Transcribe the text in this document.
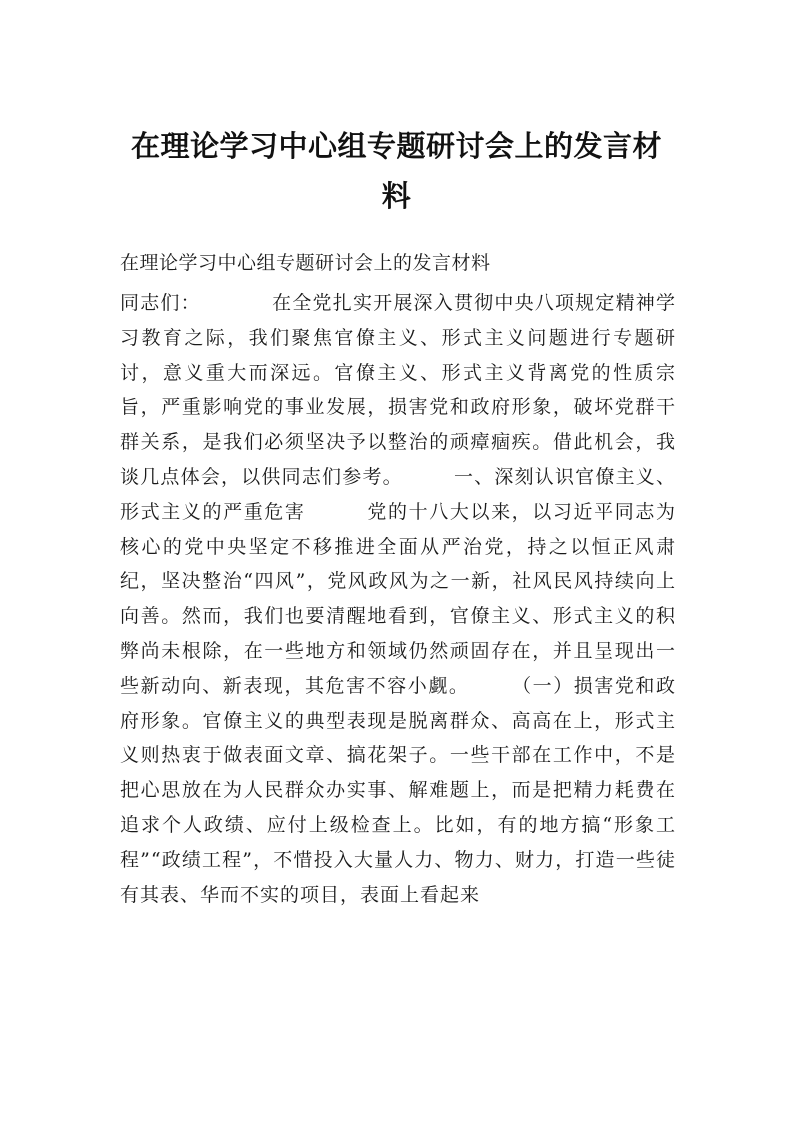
在理论学习中心组专题研讨会上的发言材料

在理论学习中心组专题研讨会上的发言材料

同志们：　　　　在全党扎实开展深入贯彻中央八项规定精神学习教育之际，我们聚焦官僚主义、形式主义问题进行专题研讨，意义重大而深远。官僚主义、形式主义背离党的性质宗旨，严重影响党的事业发展，损害党和政府形象，破坏党群干群关系，是我们必须坚决予以整治的顽瘴痼疾。借此机会，我谈几点体会，以供同志们参考。　　　一、深刻认识官僚主义、形式主义的严重危害　　　党的十八大以来，以习近平同志为核心的党中央坚定不移推进全面从严治党，持之以恒正风肃纪，坚决整治“四风”，党风政风为之一新，社风民风持续向上向善。然而，我们也要清醒地看到，官僚主义、形式主义的积弊尚未根除，在一些地方和领域仍然顽固存在，并且呈现出一些新动向、新表现，其危害不容小觑。　　　（一）损害党和政府形象。官僚主义的典型表现是脱离群众、高高在上，形式主义则热衷于做表面文章、搞花架子。一些干部在工作中，不是把心思放在为人民群众办实事、解难题上，而是把精力耗费在追求个人政绩、应付上级检查上。比如，有的地方搞“形象工程”“政绩工程”，不惜投入大量人力、物力、财力，打造一些徒有其表、华而不实的项目，表面上看起来
